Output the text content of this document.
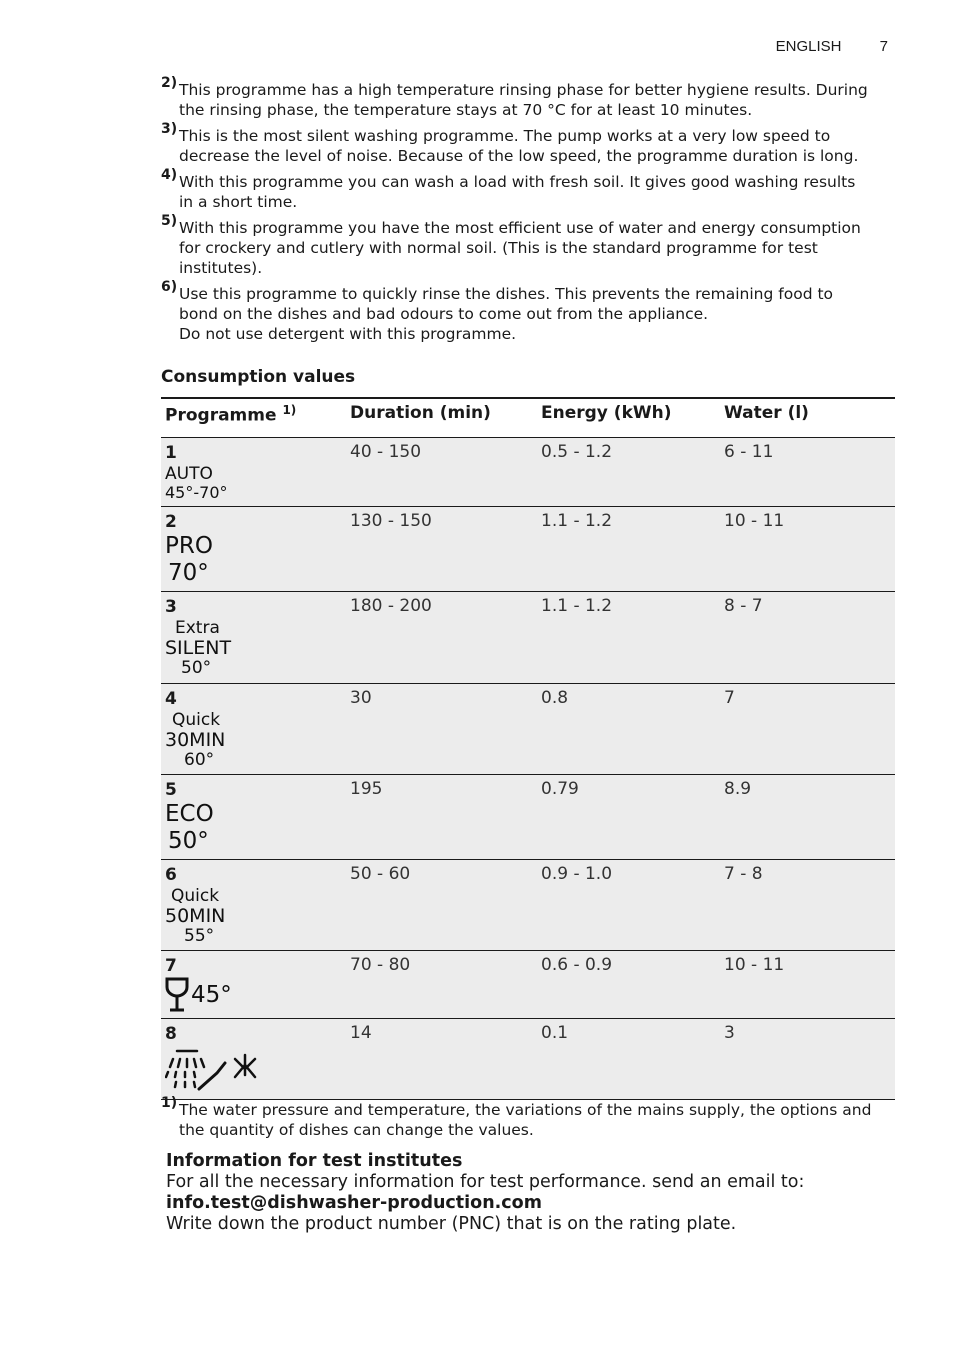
ENGLISH	7
2) This programme has a high temperature rinsing phase for better hygiene results. During
the rinsing phase, the temperature stays at 70 °C for at least 10 minutes.
3) This is the most silent washing programme. The pump works at a very low speed to
decrease the level of noise. Because of the low speed, the programme duration is long.
4) With this programme you can wash a load with fresh soil. It gives good washing results
in a short time.
5) With this programme you have the most efficient use of water and energy consumption
for crockery and cutlery with normal soil. (This is the standard programme for test
institutes).
6) Use this programme to quickly rinse the dishes. This prevents the remaining food to
bond on the dishes and bad odours to come out from the appliance.
Do not use detergent with this programme.
Consumption values
Programme $^{1)}$	Duration (min)	Energy (kWh)	Water (l)

1
AUTO
45°-70°	40 - 150	0.5 - 1.2	6 - 11

2
PRO
70°	130 - 150	1.1 - 1.2	10 - 11

3
Extra
SILENT
50°	180 - 200	1.1 - 1.2	8 - 7

4
Quick
30MIN
60°	30	0.8	7

5
ECO
50°	195	0.79	8.9

6
Quick
50MIN
55°	50 - 60	0.9 - 1.0	7 - 8

7
45°	70 - 80	0.6 - 0.9	10 - 11

8	14	0.1	3
1) The water pressure and temperature, the variations of the mains supply, the options and
the quantity of dishes can change the values.
Information for test institutes
For all the necessary information for test performance. send an email to:
info.test@dishwasher-production.com
Write down the product number (PNC) that is on the rating plate.
